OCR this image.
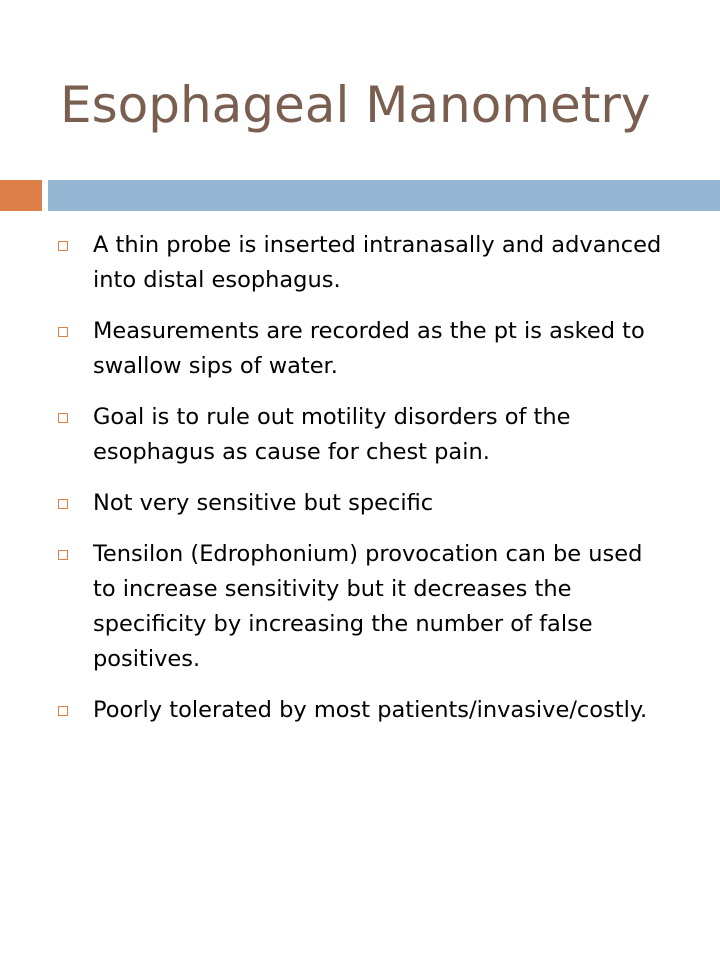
Esophageal Manometry
A thin probe is inserted intranasally and advanced into distal esophagus.
Measurements are recorded as the pt is asked to swallow sips of water.
Goal is to rule out motility disorders of the esophagus as cause for chest pain.
Not very sensitive but specific
Tensilon (Edrophonium) provocation can be used to increase sensitivity but it decreases the specificity by increasing the number of false positives.
Poorly tolerated by most patients/invasive/costly.
